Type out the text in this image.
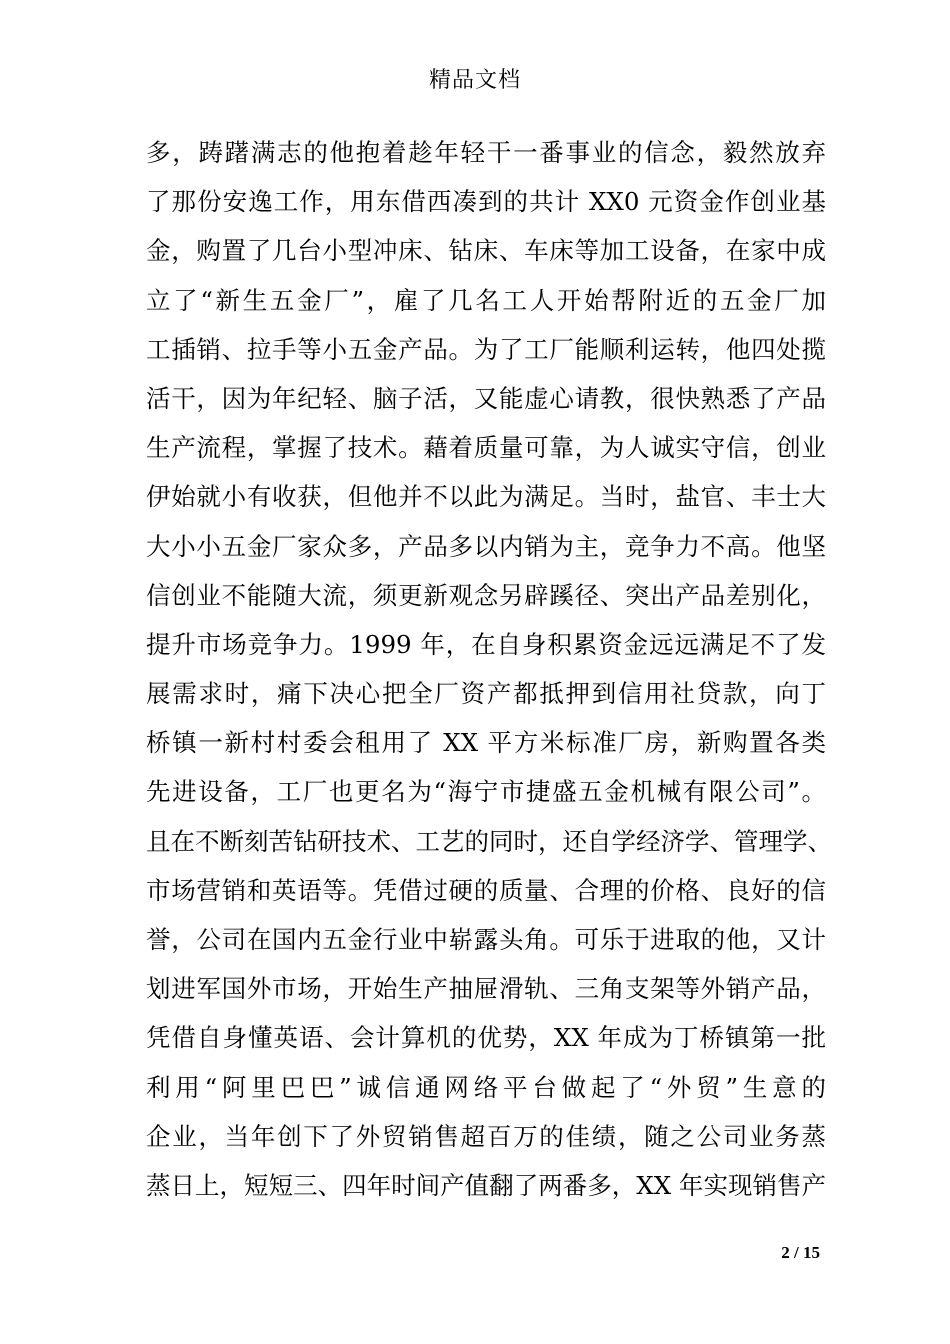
精品文档
多，踌躇满志的他抱着趁年轻干一番事业的信念，毅然放弃
了那份安逸工作，用东借西凑到的共计 XX0 元资金作创业基
金，购置了几台小型冲床、钻床、车床等加工设备，在家中成
立了“新生五金厂”，雇了几名工人开始帮附近的五金厂加
工插销、拉手等小五金产品。为了工厂能顺利运转，他四处揽
活干，因为年纪轻、脑子活，又能虚心请教，很快熟悉了产品
生产流程，掌握了技术。藉着质量可靠，为人诚实守信，创业
伊始就小有收获，但他并不以此为满足。当时，盐官、丰士大
大小小五金厂家众多，产品多以内销为主，竞争力不高。他坚
信创业不能随大流，须更新观念另辟蹊径、突出产品差别化，
提升市场竞争力。1999 年，在自身积累资金远远满足不了发
展需求时，痛下决心把全厂资产都抵押到信用社贷款，向丁
桥镇一新村村委会租用了 XX 平方米标准厂房，新购置各类
先进设备，工厂也更名为“海宁市捷盛五金机械有限公司”。
且在不断刻苦钻研技术、工艺的同时，还自学经济学、管理学、
市场营销和英语等。凭借过硬的质量、合理的价格、良好的信
誉，公司在国内五金行业中崭露头角。可乐于进取的他，又计
划进军国外市场，开始生产抽屉滑轨、三角支架等外销产品，
凭借自身懂英语、会计算机的优势，XX 年成为丁桥镇第一批
利用“阿里巴巴”诚信通网络平台做起了“外贸”生意的
企业，当年创下了外贸销售超百万的佳绩，随之公司业务蒸
蒸日上，短短三、四年时间产值翻了两番多，XX 年实现销售产
2 / 15
